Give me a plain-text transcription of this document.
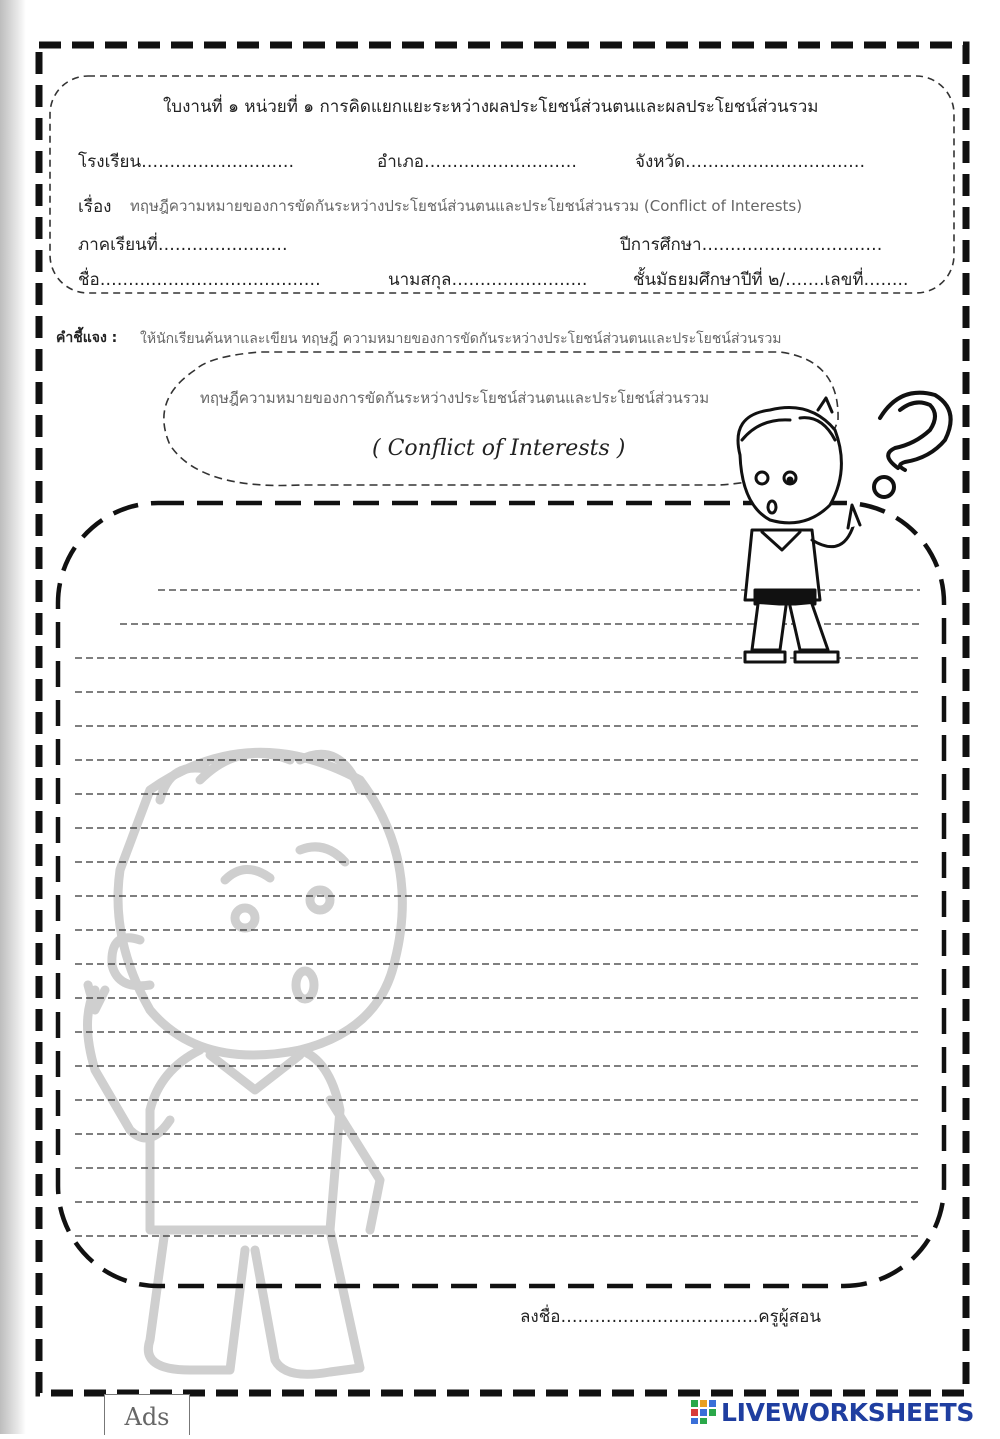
ใบงานที่ ๑ หน่วยที่ ๑ การคิดแยกแยะระหว่างผลประโยชน์ส่วนตนและผลประโยชน์ส่วนรวม
โรงเรียน………………………	อำเภอ………………………	จังหวัด……..……..………….…
เรื่อง ทฤษฎีความหมายของการขัดกันระหว่างประโยชน์ส่วนตนและประโยชน์ส่วนรวม (Conflict of Interests)
ภาคเรียนที่………………..…	ปีการศึกษา………………..…………
ชื่อ…………………………………	นามสกุล……………………	ชั้นมัธยมศึกษาปีที่ ๒/…….เลขที่……..
คำชี้แจง : ให้นักเรียนค้นหาและเขียน ทฤษฎี ความหมายของการขัดกันระหว่างประโยชน์ส่วนตนและประโยชน์ส่วนรวม
ทฤษฎีความหมายของการขัดกันระหว่างประโยชน์ส่วนตนและประโยชน์ส่วนรวม
( Conflict of Interests )
ลงชื่อ……………………………..ครูผู้สอน
Ads	LIVEWORKSHEETS
